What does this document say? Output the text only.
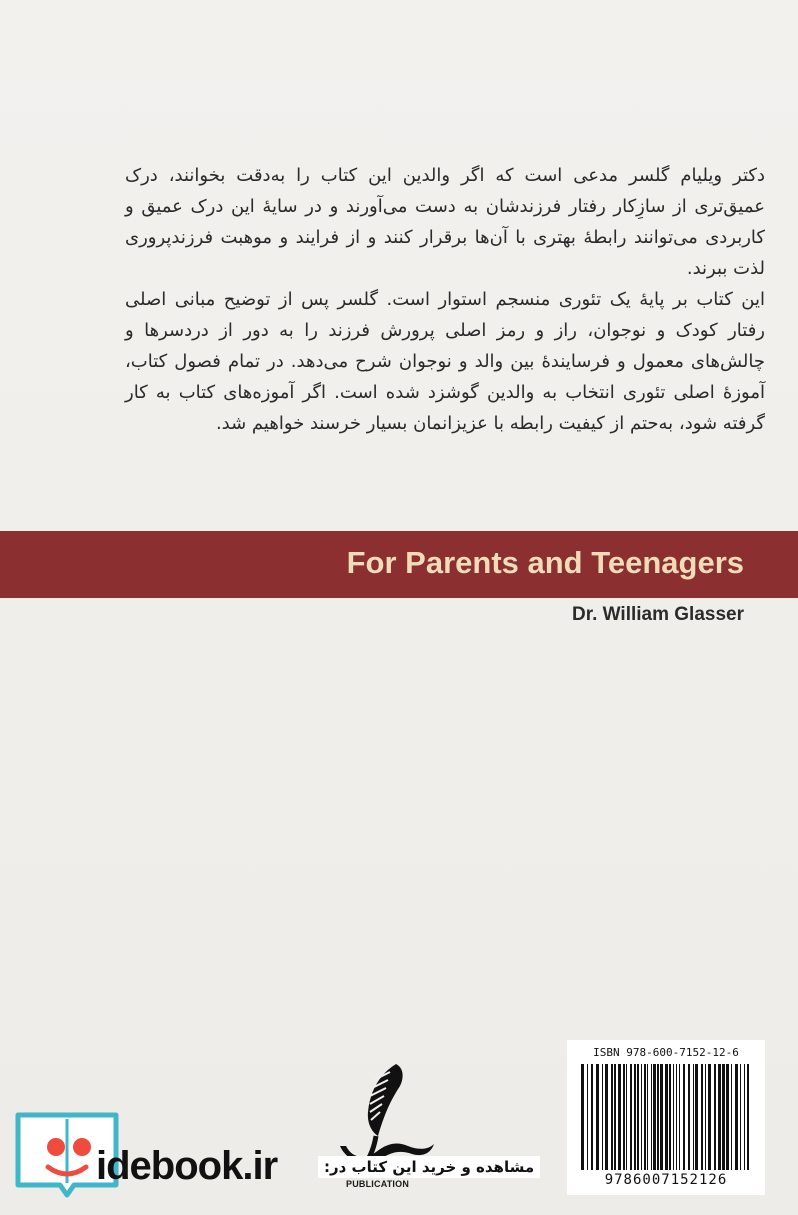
دکتر ویلیام گلسر مدعی است که اگر والدین این کتاب را به‌دقت بخوانند، درک عمیق‌تری از سازِکار رفتار فرزندشان به دست می‌آورند و در سایهٔ این درک عمیق و کاربردی می‌توانند رابطهٔ بهتری با آن‌ها برقرار کنند و از فرایند و موهبت فرزندپروری لذت ببرند.

این کتاب بر پایهٔ یک تئوری منسجم استوار است. گلسر پس از توضیح مبانی اصلی رفتار کودک و نوجوان، راز و رمز اصلی پرورش فرزند را به دور از دردسرها و چالش‌های معمول و فرسایندهٔ بین والد و نوجوان شرح می‌دهد. در تمام فصول کتاب، آموزهٔ اصلی تئوری انتخاب به والدین گوشزد شده است. اگر آموزه‌های کتاب به کار گرفته شود، به‌حتم از کیفیت رابطه با عزیزانمان بسیار خرسند خواهیم شد.

For Parents and Teenagers
Dr. William Glasser
ISBN 978-600-7152-12-6
9786007152126
PUBLICATION
idebook.ir	مشاهده و خرید این کتاب در:
